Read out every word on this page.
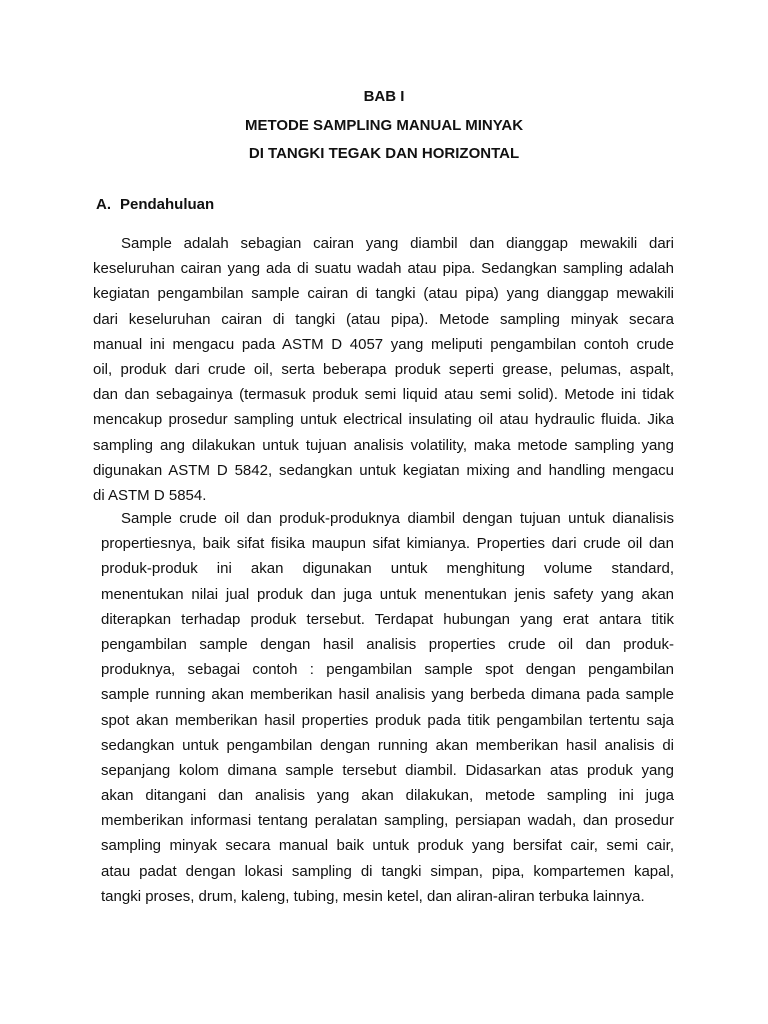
BAB I
METODE SAMPLING MANUAL MINYAK
DI TANGKI TEGAK DAN HORIZONTAL
A. Pendahuluan
Sample adalah sebagian cairan yang diambil dan dianggap mewakili dari
keseluruhan cairan yang ada di suatu wadah atau pipa. Sedangkan sampling adalah
kegiatan pengambilan sample cairan di tangki (atau pipa) yang dianggap mewakili
dari keseluruhan cairan di tangki (atau pipa). Metode sampling minyak secara
manual ini mengacu pada ASTM D 4057 yang meliputi pengambilan contoh crude
oil, produk dari crude oil, serta beberapa produk seperti grease, pelumas, aspalt,
dan dan sebagainya (termasuk produk semi liquid atau semi solid). Metode ini tidak
mencakup prosedur sampling untuk electrical insulating oil atau hydraulic fluida. Jika
sampling ang dilakukan untuk tujuan analisis volatility, maka metode sampling yang
digunakan ASTM D 5842, sedangkan untuk kegiatan mixing and handling mengacu
di ASTM D 5854.
Sample crude oil dan produk-produknya diambil dengan tujuan untuk dianalisis
propertiesnya, baik sifat fisika maupun sifat kimianya. Properties dari crude oil dan
produk-produk ini akan digunakan untuk menghitung volume standard,
menentukan nilai jual produk dan juga untuk menentukan jenis safety yang akan
diterapkan terhadap produk tersebut. Terdapat hubungan yang erat antara titik
pengambilan sample dengan hasil analisis properties crude oil dan produk-
produknya, sebagai contoh : pengambilan sample spot dengan pengambilan
sample running akan memberikan hasil analisis yang berbeda dimana pada sample
spot akan memberikan hasil properties produk pada titik pengambilan tertentu saja
sedangkan untuk pengambilan dengan running akan memberikan hasil analisis di
sepanjang kolom dimana sample tersebut diambil. Didasarkan atas produk yang
akan ditangani dan analisis yang akan dilakukan, metode sampling ini juga
memberikan informasi tentang peralatan sampling, persiapan wadah, dan prosedur
sampling minyak secara manual baik untuk produk yang bersifat cair, semi cair,
atau padat dengan lokasi sampling di tangki simpan, pipa, kompartemen kapal,
tangki proses, drum, kaleng, tubing, mesin ketel, dan aliran-aliran terbuka lainnya.
